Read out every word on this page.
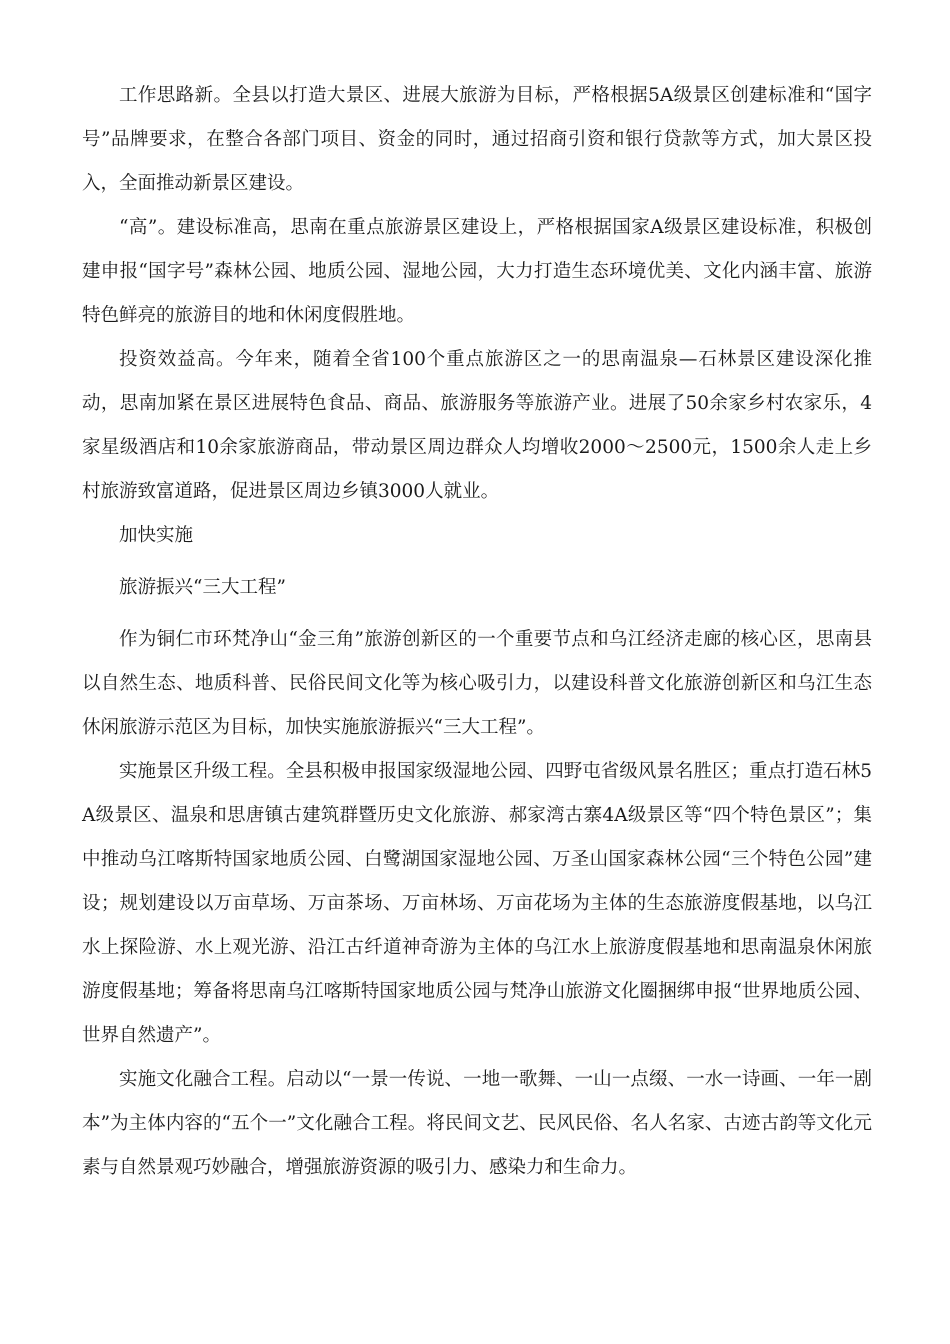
工作思路新。全县以打造大景区、进展大旅游为目标，严格根据5A级景区创建标准和“国字号”品牌要求，在整合各部门项目、资金的同时，通过招商引资和银行贷款等方式，加大景区投入，全面推动新景区建设。

“高”。建设标准高，思南在重点旅游景区建设上，严格根据国家A级景区建设标准，积极创建申报“国字号”森林公园、地质公园、湿地公园，大力打造生态环境优美、文化内涵丰富、旅游特色鲜亮的旅游目的地和休闲度假胜地。

投资效益高。今年来，随着全省100个重点旅游区之一的思南温泉—石林景区建设深化推动，思南加紧在景区进展特色食品、商品、旅游服务等旅游产业。进展了50余家乡村农家乐，4家星级酒店和10余家旅游商品，带动景区周边群众人均增收2000～2500元，1500余人走上乡村旅游致富道路，促进景区周边乡镇3000人就业。

加快实施

旅游振兴“三大工程”

作为铜仁市环梵净山“金三角”旅游创新区的一个重要节点和乌江经济走廊的核心区，思南县以自然生态、地质科普、民俗民间文化等为核心吸引力，以建设科普文化旅游创新区和乌江生态休闲旅游示范区为目标，加快实施旅游振兴“三大工程”。

实施景区升级工程。全县积极申报国家级湿地公园、四野屯省级风景名胜区；重点打造石林5A级景区、温泉和思唐镇古建筑群暨历史文化旅游、郝家湾古寨4A级景区等“四个特色景区”；集中推动乌江喀斯特国家地质公园、白鹭湖国家湿地公园、万圣山国家森林公园“三个特色公园”建设；规划建设以万亩草场、万亩茶场、万亩林场、万亩花场为主体的生态旅游度假基地，以乌江水上探险游、水上观光游、沿江古纤道神奇游为主体的乌江水上旅游度假基地和思南温泉休闲旅游度假基地；筹备将思南乌江喀斯特国家地质公园与梵净山旅游文化圈捆绑申报“世界地质公园、世界自然遗产”。

实施文化融合工程。启动以“一景一传说、一地一歌舞、一山一点缀、一水一诗画、一年一剧本”为主体内容的“五个一”文化融合工程。将民间文艺、民风民俗、名人名家、古迹古韵等文化元素与自然景观巧妙融合，增强旅游资源的吸引力、感染力和生命力。
